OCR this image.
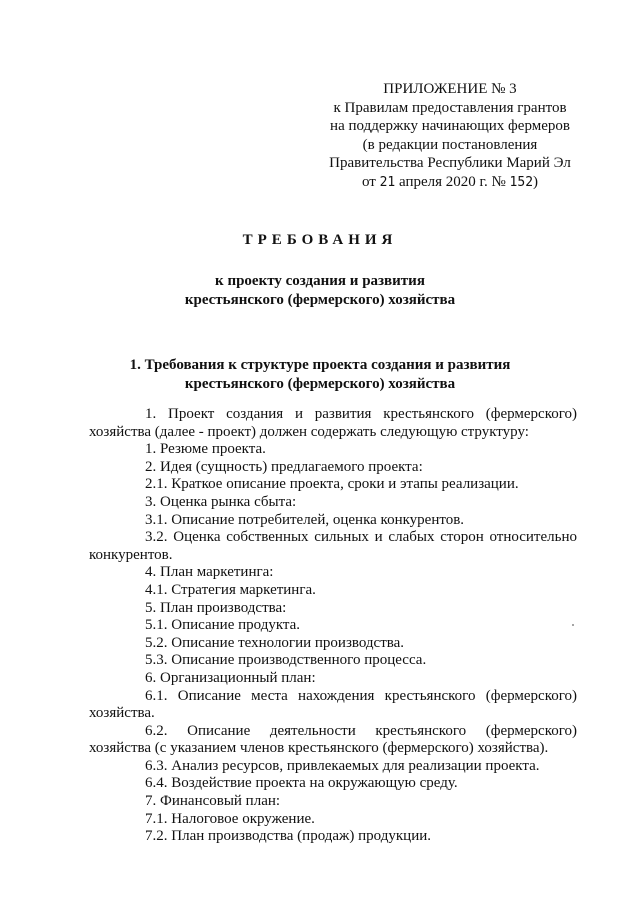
ПРИЛОЖЕНИЕ № 3
к Правилам предоставления грантов
на поддержку начинающих фермеров
(в редакции постановления
Правительства Республики Марий Эл
от 21 апреля 2020 г. № 152)
ТРЕБОВАНИЯ
к проекту создания и развития
крестьянского (фермерского) хозяйства
1. Требования к структуре проекта создания и развития
крестьянского (фермерского) хозяйства

1. Проект создания и развития крестьянского (фермерского)

хозяйства (далее - проект) должен содержать следующую структуру:

1. Резюме проекта.

2. Идея (сущность) предлагаемого проекта:

2.1. Краткое описание проекта, сроки и этапы реализации.

3. Оценка рынка сбыта:

3.1. Описание потребителей, оценка конкурентов.

3.2. Оценка собственных сильных и слабых сторон относительно

конкурентов.

4. План маркетинга:

4.1. Стратегия маркетинга.

5. План производства:

5.1. Описание продукта.

5.2. Описание технологии производства.

5.3. Описание производственного процесса.

6. Организационный план:

6.1. Описание места нахождения крестьянского (фермерского)

хозяйства.

6.2. Описание деятельности крестьянского (фермерского)

хозяйства (с указанием членов крестьянского (фермерского) хозяйства).

6.3. Анализ ресурсов, привлекаемых для реализации проекта.

6.4. Воздействие проекта на окружающую среду.

7. Финансовый план:

7.1. Налоговое окружение.

7.2. План производства (продаж) продукции.
